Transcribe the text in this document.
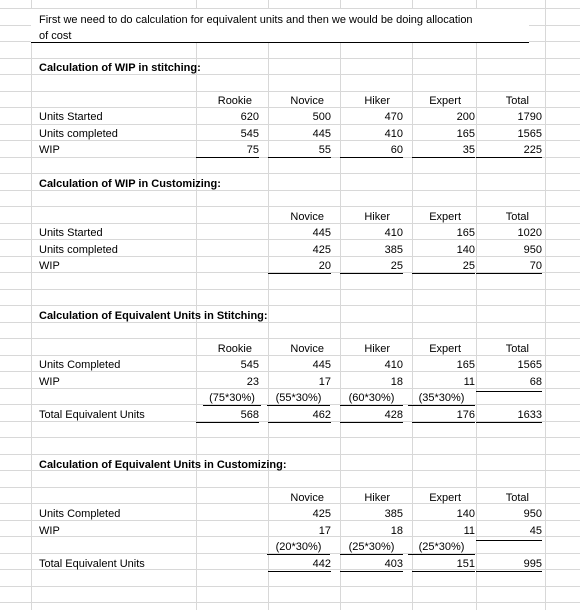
First we need to do calculation for equivalent units and then we would be doing allocation
of cost
Calculation of WIP in stitching:
Rookie	Novice	Hiker	Expert	Total
Units Started	620	500	470	200	1790
Units completed	545	445	410	165	1565
WIP	75	55	60	35	225
Calculation of WIP in Customizing:
Novice	Hiker	Expert	Total
Units Started	445	410	165	1020
Units completed	425	385	140	950
WIP	20	25	25	70
Calculation of Equivalent Units in Stitching:
Rookie	Novice	Hiker	Expert	Total
Units Completed	545	445	410	165	1565
WIP	23	17	18	11	68
(75*30%)	(55*30%)	(60*30%)	(35*30%)
Total Equivalent Units	568	462	428	176	1633
Calculation of Equivalent Units in Customizing:
Novice	Hiker	Expert	Total
Units Completed	425	385	140	950
WIP	17	18	11	45
(20*30%)	(25*30%)	(25*30%)
Total Equivalent Units	442	403	151	995
